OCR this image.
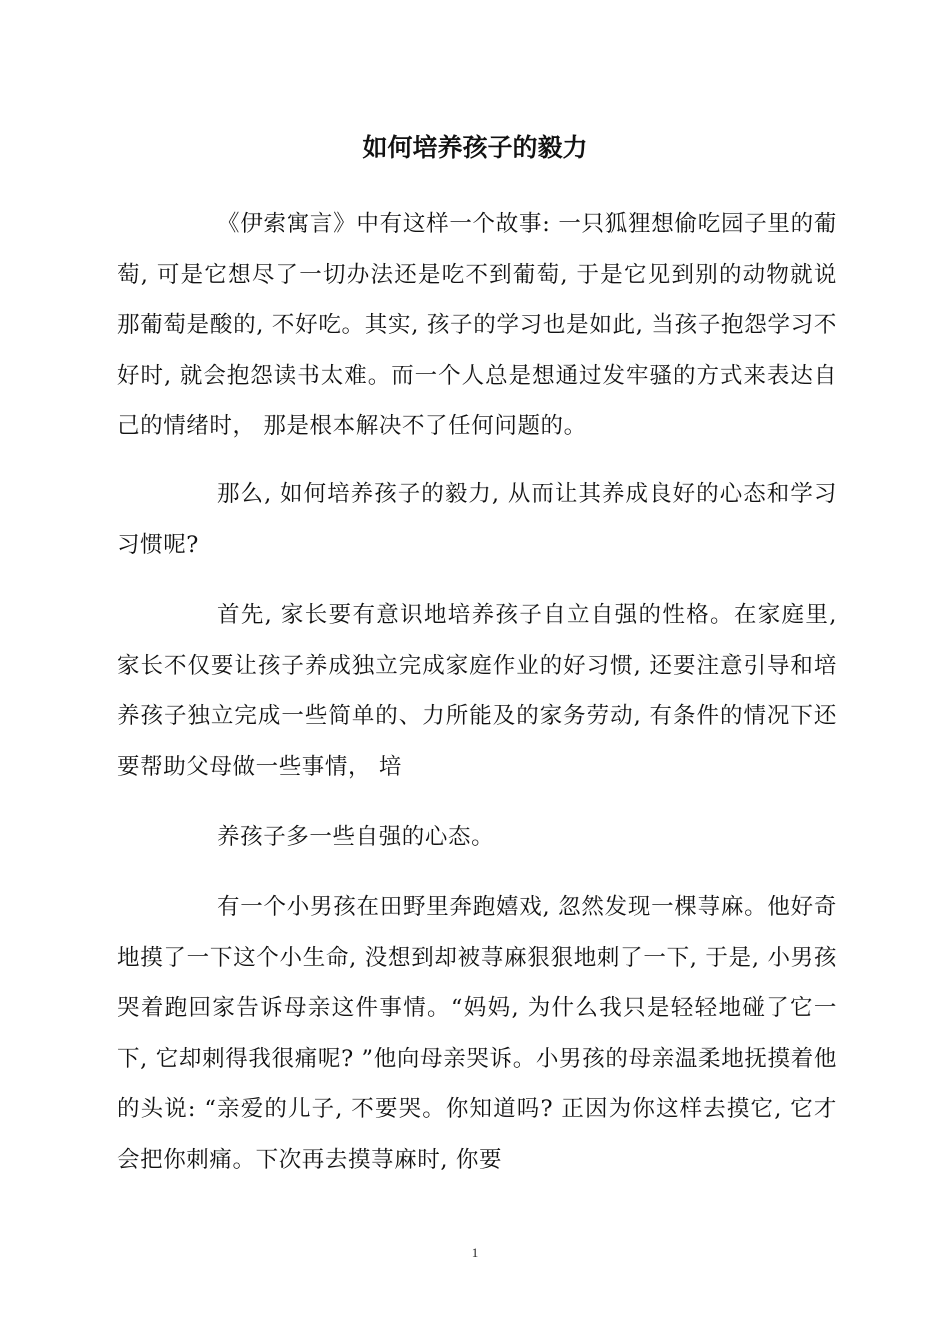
如何培养孩子的毅力

《伊索寓言》中有这样一个故事: 一只狐狸想偷吃园子里的葡萄, 可是它想尽了一切办法还是吃不到葡萄, 于是它见到别的动物就说那葡萄是酸的, 不好吃。其实, 孩子的学习也是如此, 当孩子抱怨学习不好时, 就会抱怨读书太难。而一个人总是想通过发牢骚的方式来表达自己的情绪时， 那是根本解决不了任何问题的。

那么, 如何培养孩子的毅力, 从而让其养成良好的心态和学习习惯呢?

首先, 家长要有意识地培养孩子自立自强的性格。在家庭里, 家长不仅要让孩子养成独立完成家庭作业的好习惯, 还要注意引导和培养孩子独立完成一些简单的、力所能及的家务劳动, 有条件的情况下还要帮助父母做一些事情， 培

养孩子多一些自强的心态。

有一个小男孩在田野里奔跑嬉戏, 忽然发现一棵荨麻。他好奇地摸了一下这个小生命, 没想到却被荨麻狠狠地刺了一下, 于是, 小男孩哭着跑回家告诉母亲这件事情。“妈妈, 为什么我只是轻轻地碰了它一下, 它却刺得我很痛呢? ”他向母亲哭诉。小男孩的母亲温柔地抚摸着他的头说: “亲爱的儿子, 不要哭。你知道吗? 正因为你这样去摸它, 它才会把你刺痛。下次再去摸荨麻时, 你要

1
